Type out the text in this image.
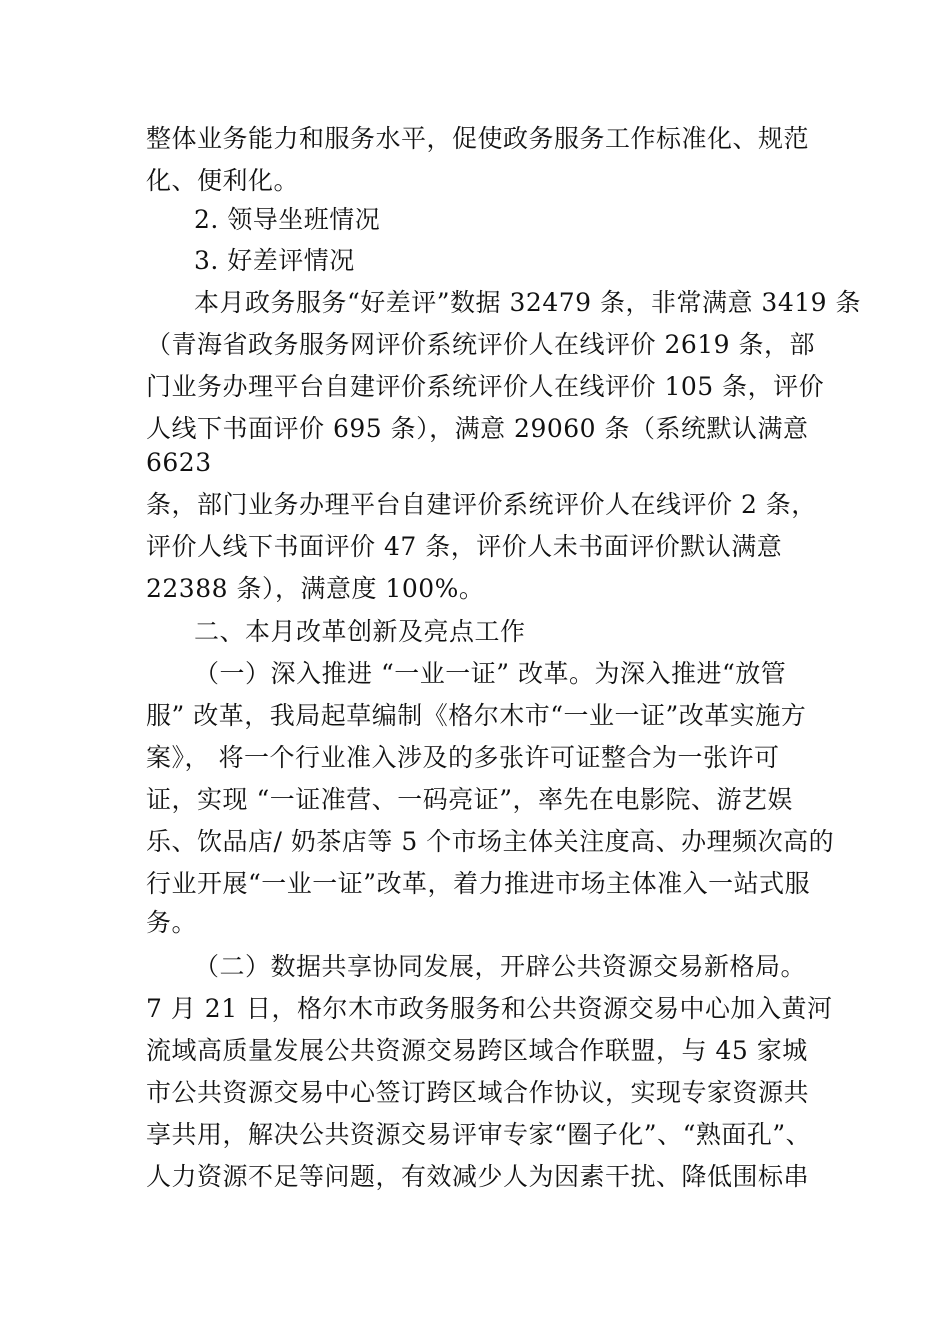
整体业务能力和服务水平，促使政务服务工作标准化、规范
化、便利化。
2. 领导坐班情况
3. 好差评情况
本月政务服务“好差评”数据 32479 条，非常满意 3419 条
（青海省政务服务网评价系统评价人在线评价 2619 条，部
门业务办理平台自建评价系统评价人在线评价 105 条，评价
人线下书面评价 695 条），满意 29060 条（系统默认满意
6623
条，部门业务办理平台自建评价系统评价人在线评价 2 条，
评价人线下书面评价 47 条，评价人未书面评价默认满意
22388 条），满意度 100%。
二、本月改革创新及亮点工作
（一）深入推进 “一业一证” 改革。为深入推进“放管
服” 改革，我局起草编制《格尔木市“一业一证”改革实施方
案》， 将一个行业准入涉及的多张许可证整合为一张许可
证，实现 “一证准营、一码亮证”，率先在电影院、游艺娱
乐、饮品店/ 奶茶店等 5 个市场主体关注度高、办理频次高的
行业开展“一业一证”改革，着力推进市场主体准入一站式服
务。
（二）数据共享协同发展，开辟公共资源交易新格局。
7 月 21 日，格尔木市政务服务和公共资源交易中心加入黄河
流域高质量发展公共资源交易跨区域合作联盟，与 45 家城
市公共资源交易中心签订跨区域合作协议，实现专家资源共
享共用，解决公共资源交易评审专家“圈子化”、“熟面孔”、
人力资源不足等问题，有效减少人为因素干扰、降低围标串
